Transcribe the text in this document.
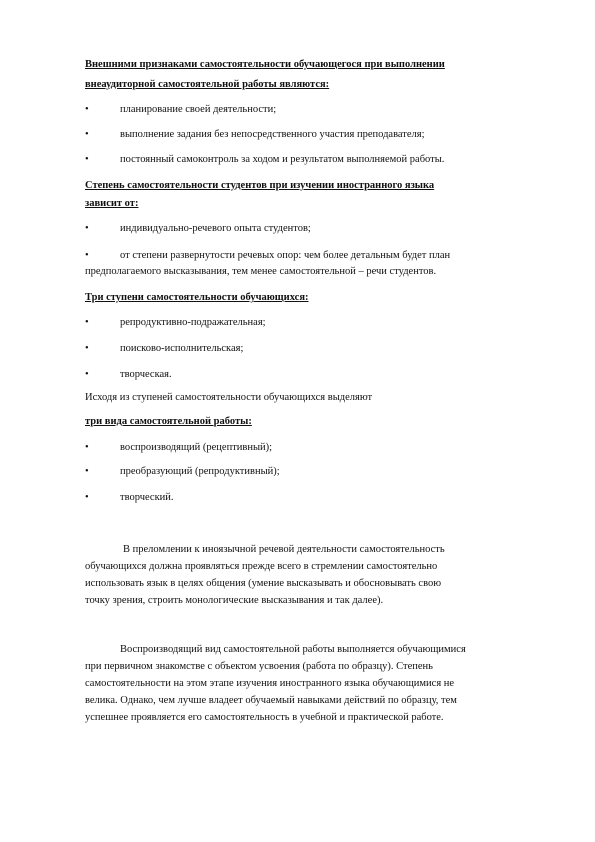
Внешними признаками самостоятельности обучающегося при выполнении
внеаудиторной самостоятельной работы являются:
•	планирование своей деятельности;
•	выполнение задания без непосредственного участия преподавателя;
•	постоянный самоконтроль за ходом и результатом выполняемой работы.
Степень самостоятельности студентов при изучении иностранного языка
зависит от:
•	индивидуально-речевого опыта студентов;
•	от степени развернутости речевых опор: чем более детальным будет план
предполагаемого высказывания, тем менее самостоятельной – речи студентов.
Три ступени самостоятельности обучающихся:
•	репродуктивно-подражательная;
•	поисково-исполнительская;
•	творческая.
Исходя из ступеней самостоятельности обучающихся выделяют
три вида самостоятельной работы:
•	воспроизводящий (рецептивный);
•	преобразующий (репродуктивный);
•	творческий.
В преломлении к иноязычной речевой деятельности самостоятельность
обучающихся должна проявляться прежде всего в стремлении самостоятельно
использовать язык в целях общения (умение высказывать и обосновывать свою
точку зрения, строить монологические высказывания и так далее).
Воспроизводящий вид самостоятельной работы выполняется обучающимися
при первичном знакомстве с объектом усвоения (работа по образцу). Степень
самостоятельности на этом этапе изучения иностранного языка обучающимися не
велика. Однако, чем лучше владеет обучаемый навыками действий по образцу, тем
успешнее проявляется его самостоятельность в учебной и практической работе.
